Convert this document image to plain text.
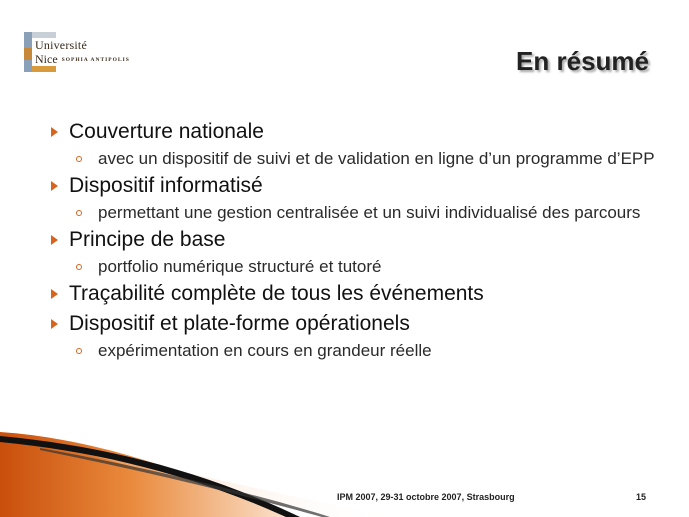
Université
Nice $^{SOPHIA ANTIPOLIS}$	En résumé
Couverture nationale
avec un dispositif de suivi et de validation en ligne d’un programme d’EPP
Dispositif informatisé
permettant une gestion centralisée et un suivi individualisé des parcours
Principe de base
portfolio numérique structuré et tutoré
Traçabilité complète de tous les événements
Dispositif et plate-forme opérationels
expérimentation en cours en grandeur réelle
IPM 2007, 29-31 octobre 2007, Strasbourg	15
